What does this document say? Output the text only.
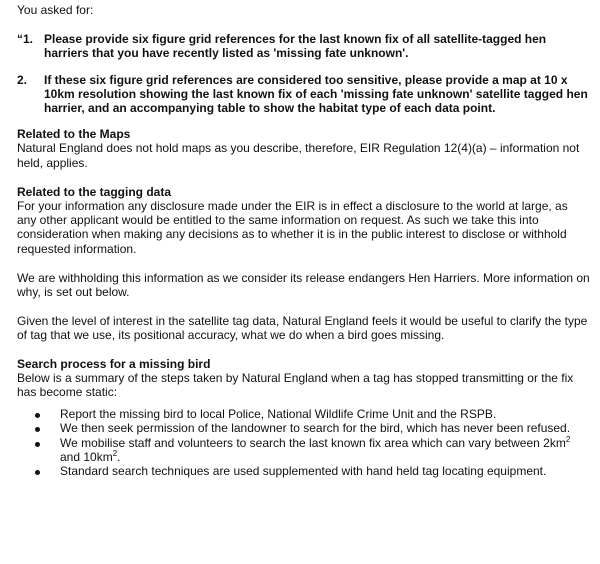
You asked for:

“1. Please provide six figure grid references for the last known fix of all satellite-tagged hen harriers that you have recently listed as 'missing fate unknown'.
2.	If these six figure grid references are considered too sensitive, please provide a map at 10 x 10km resolution showing the last known fix of each 'missing fate unknown' satellite tagged hen harrier, and an accompanying table to show the habitat type of each data point.

Related to the Maps

Natural England does not hold maps as you describe, therefore, EIR Regulation 12(4)(a) – information not held, applies.

Related to the tagging data

For your information any disclosure made under the EIR is in effect a disclosure to the world at large, as any other applicant would be entitled to the same information on request. As such we take this into consideration when making any decisions as to whether it is in the public interest to disclose or withhold requested information.

We are withholding this information as we consider its release endangers Hen Harriers. More information on why, is set out below.

Given the level of interest in the satellite tag data, Natural England feels it would be useful to clarify the type of tag that we use, its positional accuracy, what we do when a bird goes missing.

Search process for a missing bird

Below is a summary of the steps taken by Natural England when a tag has stopped transmitting or the fix has become static:

Report the missing bird to local Police, National Wildlife Crime Unit and the RSPB.
We then seek permission of the landowner to search for the bird, which has never been refused.
We mobilise staff and volunteers to search the last known fix area which can vary between $2km^2$ and $10km^2$.
Standard search techniques are used supplemented with hand held tag locating equipment.
